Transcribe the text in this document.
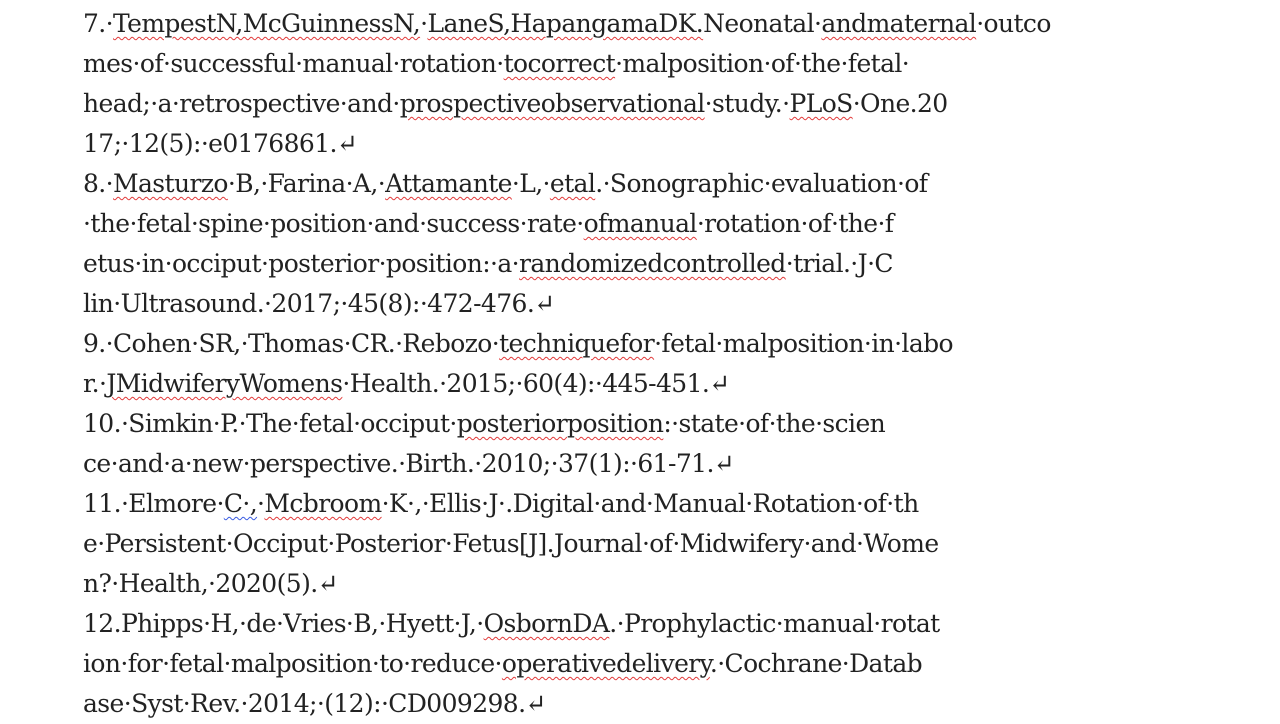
7.·TempestN,McGuinnessN,·LaneS,HapangamaDK.Neonatal·andmaternal·outco
mes·of·successful·manual·rotation·tocorrect·malposition·of·the·fetal·
head;·a·retrospective·and·prospectiveobservational·study.·PLoS·One.20
17;·12(5):·e0176861.↵
8.·Masturzo·B,·Farina·A,·Attamante·L,·etal.·Sonographic·evaluation·of
·the·fetal·spine·position·and·success·rate·ofmanual·rotation·of·the·f
etus·in·occiput·posterior·position:·a·randomizedcontrolled·trial.·J·C
lin·Ultrasound.·2017;·45(8):·472-476.↵
9.·Cohen·SR,·Thomas·CR.·Rebozo·techniquefor·fetal·malposition·in·labo
r.·JMidwiferyWomens·Health.·2015;·60(4):·445-451.↵
10.·Simkin·P.·The·fetal·occiput·posteriorposition:·state·of·the·scien
ce·and·a·new·perspective.·Birth.·2010;·37(1):·61-71.↵
11.·Elmore·C·,·Mcbroom·K·,·Ellis·J·.Digital·and·Manual·Rotation·of·th
e·Persistent·Occiput·Posterior·Fetus[J].Journal·of·Midwifery·and·Wome
n?·Health,·2020(5).↵
12.Phipps·H,·de·Vries·B,·Hyett·J,·OsbornDA.·Prophylactic·manual·rotat
ion·for·fetal·malposition·to·reduce·operativedelivery.·Cochrane·Datab
ase·Syst·Rev.·2014;·(12):·CD009298.↵
